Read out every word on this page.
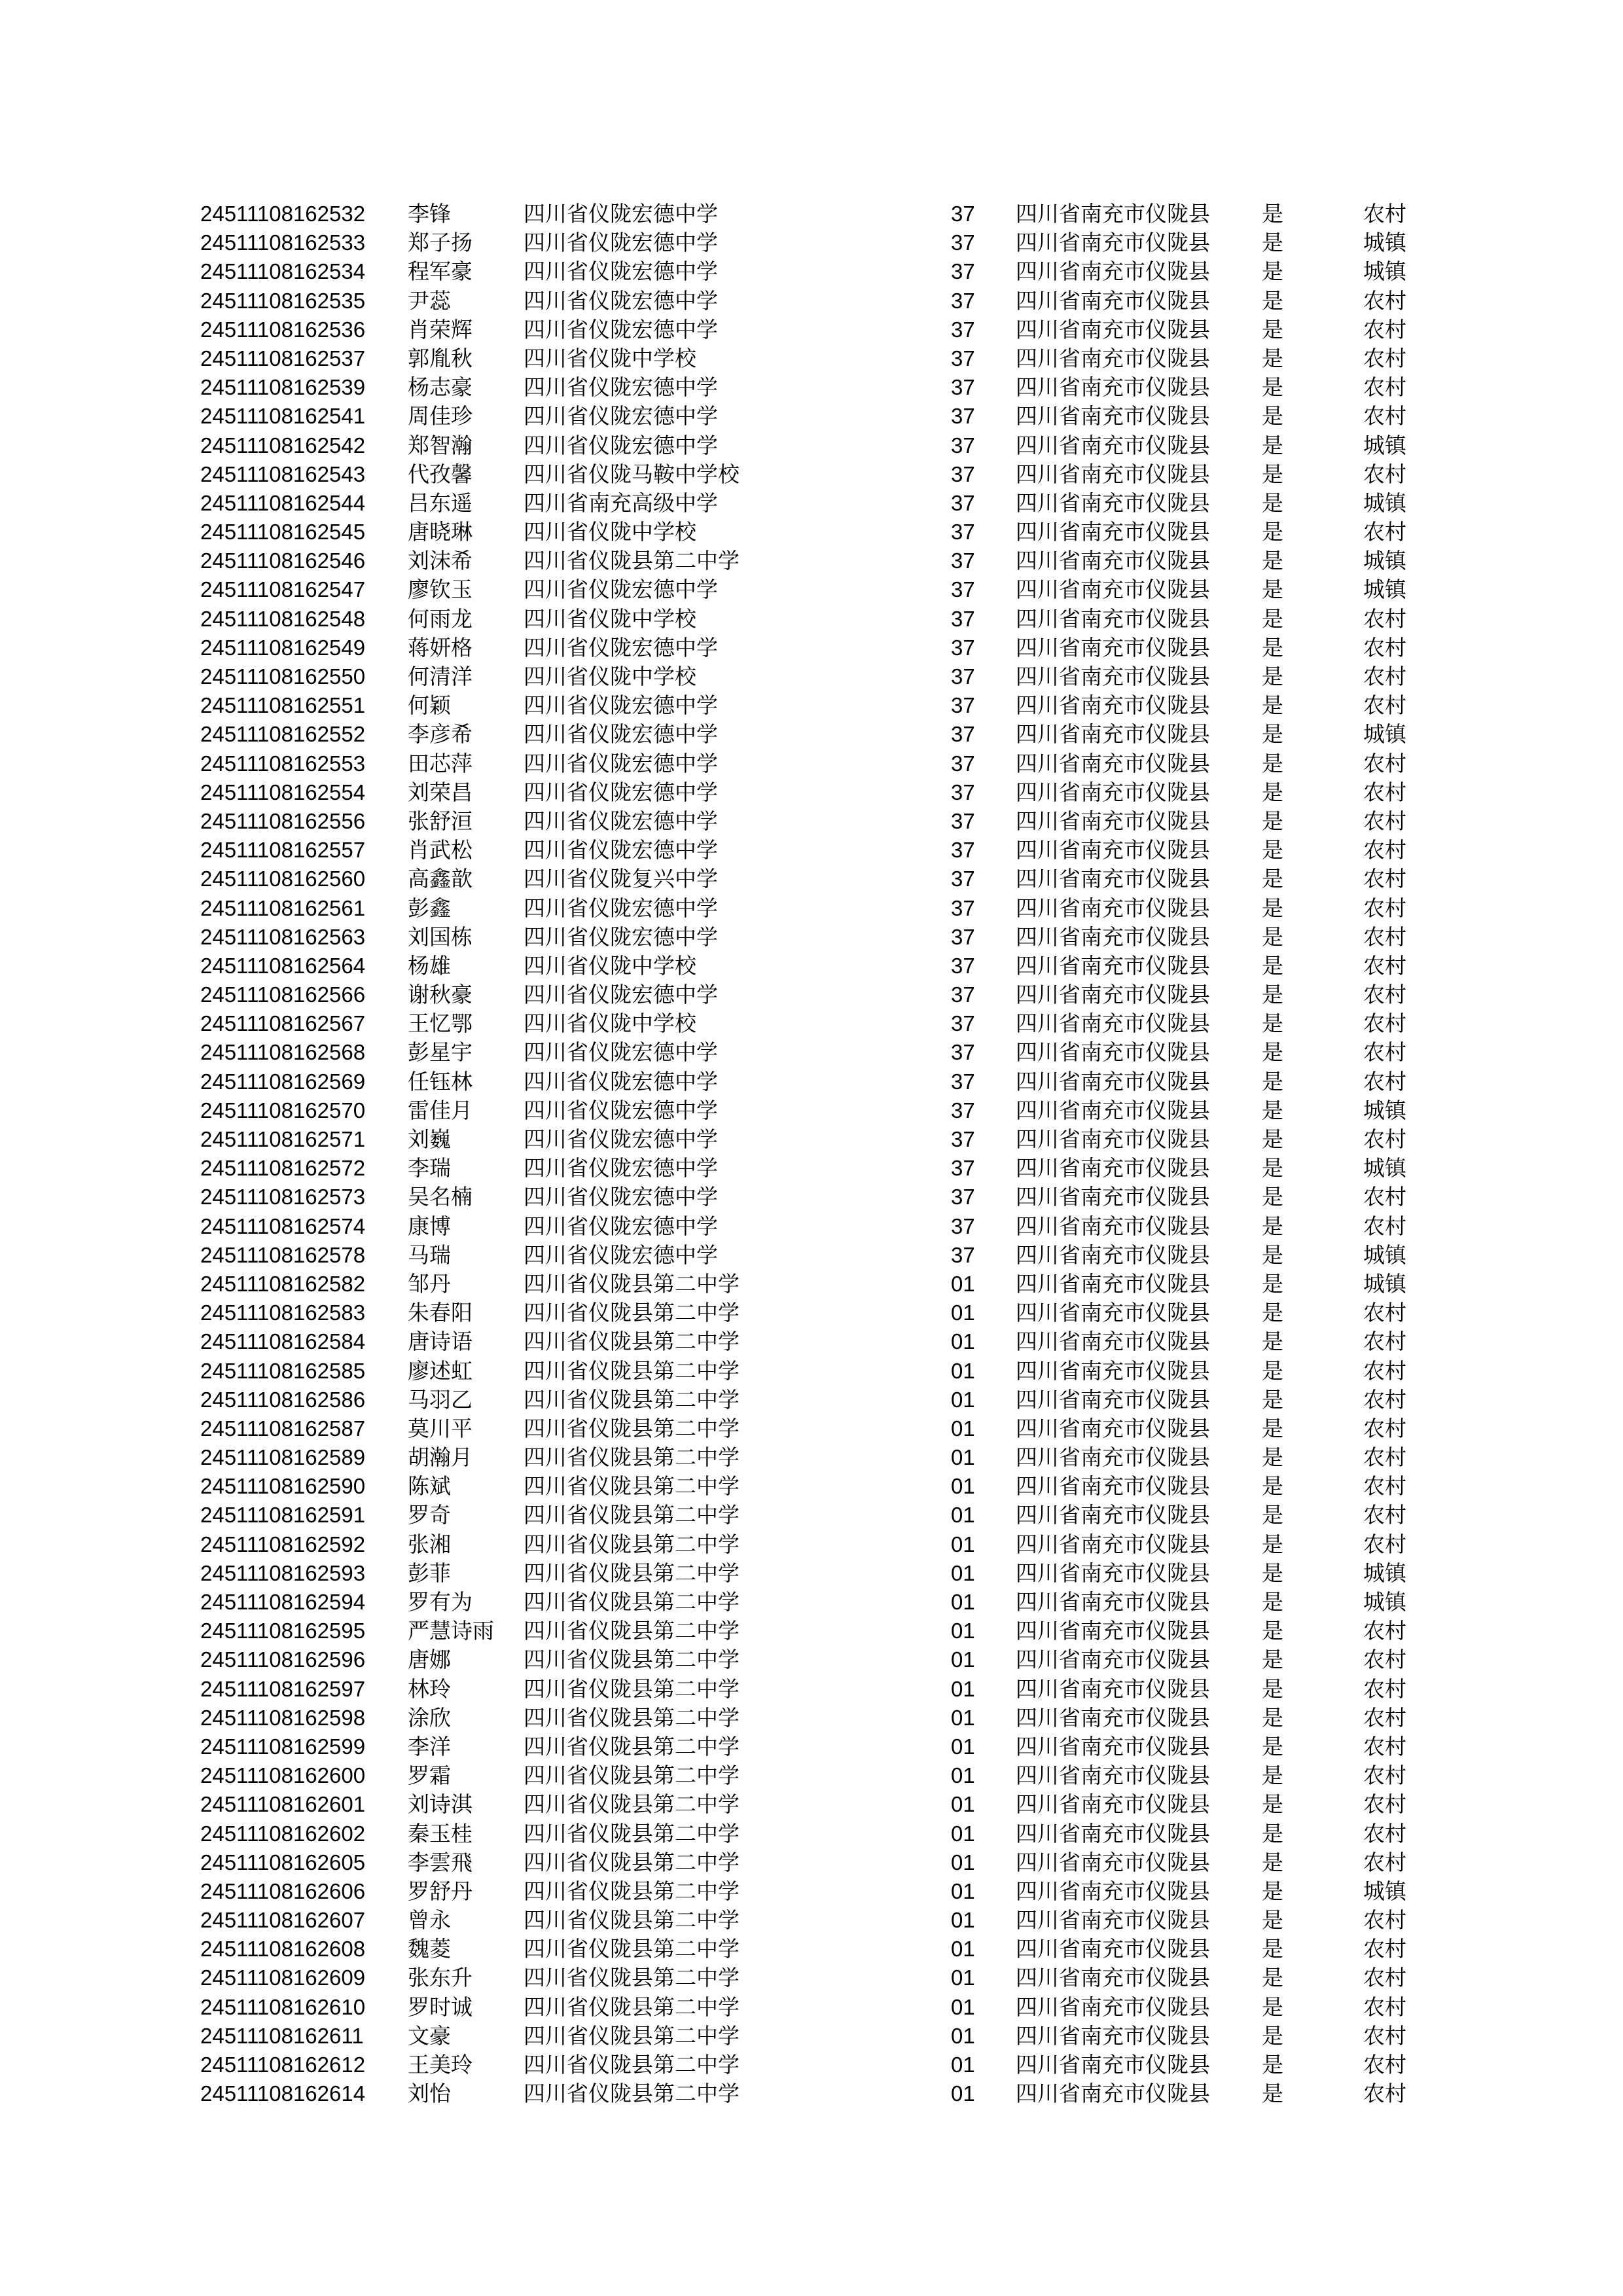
24511108162532 李锋	四川省仪陇宏德中学	37 四川省南充市仪陇县 是	农村
24511108162533 郑子扬 四川省仪陇宏德中学	37 四川省南充市仪陇县 是	城镇
24511108162534 程军豪 四川省仪陇宏德中学	37 四川省南充市仪陇县 是	城镇
24511108162535 尹蕊	四川省仪陇宏德中学	37 四川省南充市仪陇县 是	农村
24511108162536 肖荣辉 四川省仪陇宏德中学	37 四川省南充市仪陇县 是	农村
24511108162537 郭胤秋 四川省仪陇中学校	37 四川省南充市仪陇县 是	农村
24511108162539 杨志豪 四川省仪陇宏德中学	37 四川省南充市仪陇县 是	农村
24511108162541 周佳珍 四川省仪陇宏德中学	37 四川省南充市仪陇县 是	农村
24511108162542 郑智瀚 四川省仪陇宏德中学	37 四川省南充市仪陇县 是	城镇
24511108162543 代孜馨 四川省仪陇马鞍中学校	37 四川省南充市仪陇县 是	农村
24511108162544 吕东遥 四川省南充高级中学	37 四川省南充市仪陇县 是	城镇
24511108162545 唐晓琳 四川省仪陇中学校	37 四川省南充市仪陇县 是	农村
24511108162546 刘沫希 四川省仪陇县第二中学	37 四川省南充市仪陇县 是	城镇
24511108162547 廖钦玉 四川省仪陇宏德中学	37 四川省南充市仪陇县 是	城镇
24511108162548 何雨龙 四川省仪陇中学校	37 四川省南充市仪陇县 是	农村
24511108162549 蒋妍格 四川省仪陇宏德中学	37 四川省南充市仪陇县 是	农村
24511108162550 何清洋 四川省仪陇中学校	37 四川省南充市仪陇县 是	农村
24511108162551 何颖	四川省仪陇宏德中学	37 四川省南充市仪陇县 是	农村
24511108162552 李彦希 四川省仪陇宏德中学	37 四川省南充市仪陇县 是	城镇
24511108162553 田芯萍 四川省仪陇宏德中学	37 四川省南充市仪陇县 是	农村
24511108162554 刘荣昌 四川省仪陇宏德中学	37 四川省南充市仪陇县 是	农村
24511108162556 张舒洹 四川省仪陇宏德中学	37 四川省南充市仪陇县 是	农村
24511108162557 肖武松 四川省仪陇宏德中学	37 四川省南充市仪陇县 是	农村
24511108162560 高鑫歆 四川省仪陇复兴中学	37 四川省南充市仪陇县 是	农村
24511108162561 彭鑫	四川省仪陇宏德中学	37 四川省南充市仪陇县 是	农村
24511108162563 刘国栋 四川省仪陇宏德中学	37 四川省南充市仪陇县 是	农村
24511108162564 杨雄	四川省仪陇中学校	37 四川省南充市仪陇县 是	农村
24511108162566 谢秋豪 四川省仪陇宏德中学	37 四川省南充市仪陇县 是	农村
24511108162567 王忆鄂 四川省仪陇中学校	37 四川省南充市仪陇县 是	农村
24511108162568 彭星宇 四川省仪陇宏德中学	37 四川省南充市仪陇县 是	农村
24511108162569 任钰林 四川省仪陇宏德中学	37 四川省南充市仪陇县 是	农村
24511108162570 雷佳月 四川省仪陇宏德中学	37 四川省南充市仪陇县 是	城镇
24511108162571 刘巍	四川省仪陇宏德中学	37 四川省南充市仪陇县 是	农村
24511108162572 李瑞	四川省仪陇宏德中学	37 四川省南充市仪陇县 是	城镇
24511108162573 吴名楠 四川省仪陇宏德中学	37 四川省南充市仪陇县 是	农村
24511108162574 康博	四川省仪陇宏德中学	37 四川省南充市仪陇县 是	农村
24511108162578 马瑞	四川省仪陇宏德中学	37 四川省南充市仪陇县 是	城镇
24511108162582 邹丹	四川省仪陇县第二中学	01 四川省南充市仪陇县 是	城镇
24511108162583 朱春阳 四川省仪陇县第二中学	01 四川省南充市仪陇县 是	农村
24511108162584 唐诗语 四川省仪陇县第二中学	01 四川省南充市仪陇县 是	农村
24511108162585 廖述虹 四川省仪陇县第二中学	01 四川省南充市仪陇县 是	农村
24511108162586 马羽乙 四川省仪陇县第二中学	01 四川省南充市仪陇县 是	农村
24511108162587 莫川平 四川省仪陇县第二中学	01 四川省南充市仪陇县 是	农村
24511108162589 胡瀚月 四川省仪陇县第二中学	01 四川省南充市仪陇县 是	农村
24511108162590 陈斌	四川省仪陇县第二中学	01 四川省南充市仪陇县 是	农村
24511108162591 罗奇	四川省仪陇县第二中学	01 四川省南充市仪陇县 是	农村
24511108162592 张湘	四川省仪陇县第二中学	01 四川省南充市仪陇县 是	农村
24511108162593 彭菲	四川省仪陇县第二中学	01 四川省南充市仪陇县 是	城镇
24511108162594 罗有为 四川省仪陇县第二中学	01 四川省南充市仪陇县 是	城镇
24511108162595 严慧诗雨 四川省仪陇县第二中学	01 四川省南充市仪陇县 是	农村
24511108162596 唐娜	四川省仪陇县第二中学	01 四川省南充市仪陇县 是	农村
24511108162597 林玲	四川省仪陇县第二中学	01 四川省南充市仪陇县 是	农村
24511108162598 涂欣	四川省仪陇县第二中学	01 四川省南充市仪陇县 是	农村
24511108162599 李洋	四川省仪陇县第二中学	01 四川省南充市仪陇县 是	农村
24511108162600 罗霜	四川省仪陇县第二中学	01 四川省南充市仪陇县 是	农村
24511108162601 刘诗淇 四川省仪陇县第二中学	01 四川省南充市仪陇县 是	农村
24511108162602 秦玉桂 四川省仪陇县第二中学	01 四川省南充市仪陇县 是	农村
24511108162605 李雲飛 四川省仪陇县第二中学	01 四川省南充市仪陇县 是	农村
24511108162606 罗舒丹 四川省仪陇县第二中学	01 四川省南充市仪陇县 是	城镇
24511108162607 曾永	四川省仪陇县第二中学	01 四川省南充市仪陇县 是	农村
24511108162608 魏菱	四川省仪陇县第二中学	01 四川省南充市仪陇县 是	农村
24511108162609 张东升 四川省仪陇县第二中学	01 四川省南充市仪陇县 是	农村
24511108162610 罗时诚 四川省仪陇县第二中学	01 四川省南充市仪陇县 是	农村
24511108162611 文豪	四川省仪陇县第二中学	01 四川省南充市仪陇县 是	农村
24511108162612 王美玲 四川省仪陇县第二中学	01 四川省南充市仪陇县 是	农村
24511108162614 刘怡	四川省仪陇县第二中学	01 四川省南充市仪陇县 是	农村
